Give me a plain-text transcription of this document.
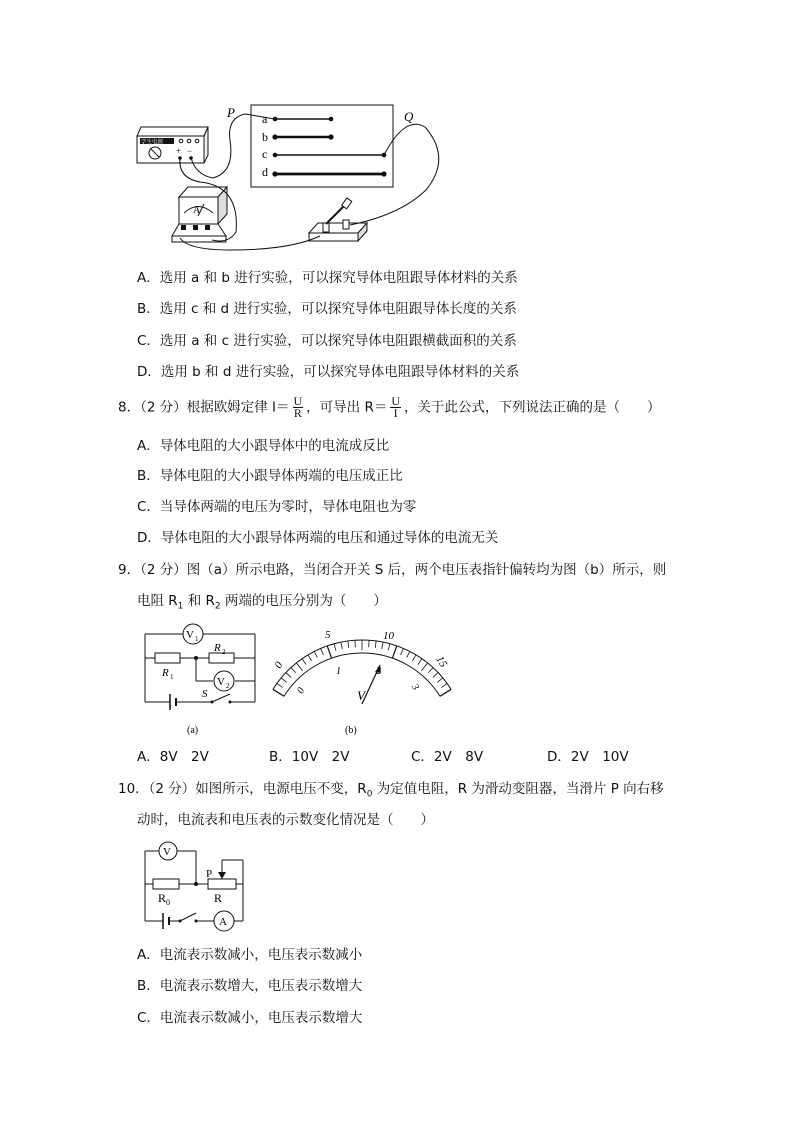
P	Q
a
b
c
d
学生电源
+ −
A
A．选用 a 和 b 进行实验，可以探究导体电阻跟导体材料的关系
B．选用 c 和 d 进行实验，可以探究导体电阻跟导体长度的关系
C．选用 a 和 c 进行实验，可以探究导体电阻跟横截面积的关系
D．选用 b 和 d 进行实验，可以探究导体电阻跟导体材料的关系
8．（2 分）根据欧姆定律 $I= \frac{U}{R}$ ，可导出 $R= \frac{U}{I}$ ，关于此公式，下列说法正确的是（　　）
A．导体电阻的大小跟导体中的电流成反比
B．导体电阻的大小跟导体两端的电压成正比
C．当导体两端的电压为零时，导体电阻也为零
D．导体电阻的大小跟导体两端的电压和通过导体的电流无关
9．（2 分）图（a）所示电路，当闭合开关 S 后，两个电压表指针偏转均为图（b）所示，则
电阻 $R_1$ 和 $R_2$ 两端的电压分别为（　　）
V 1
V 2
R 1
R 2
S
(a)
0
5	10
15
0
1
3
V
(b)
A．8V　2V	B．10V　2V	C．2V　8V	D．2V　10V
10．（2 分）如图所示，电源电压不变，$R_0$ 为定值电阻，R 为滑动变阻器，当滑片 P 向右移
动时，电流表和电压表的示数变化情况是（　　）
V
P
R 0	R
A
A．电流表示数减小，电压表示数减小
B．电流表示数增大，电压表示数增大
C．电流表示数减小，电压表示数增大
